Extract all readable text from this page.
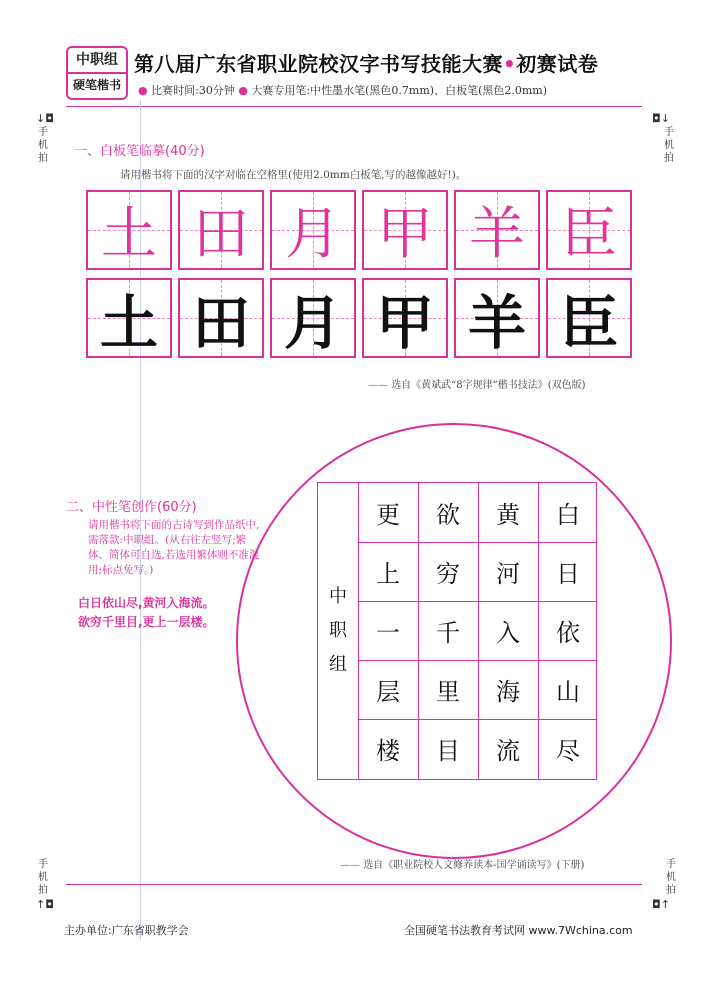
中职组
硬笔楷书
第八届广东省职业院校汉字书写技能大赛•初赛试卷
● 比赛时间:30分钟 ● 大赛专用笔:中性墨水笔(黑色0.7mm)、白板笔(黑色2.0mm)
↓◘
手
机
拍
◘↓
手
机
拍
手
机
拍
↑◘
手
机
拍
◘↑
一、白板笔临摹(40分)
请用楷书将下面的汉字对临在空格里(使用2.0mm白板笔,写的越像越好!)。
土 田 月 甲 羊 臣
土 田 月 甲 羊 臣
—— 选自《黄斌武“8字规律”楷书技法》(双色版)
二、中性笔创作(60分)
请用楷书将下面的古诗写到作品纸中,需落款:中职组。(从右往左竖写;繁体、简体可自选,若选用繁体则不准混用;标点免写。)
白日依山尽,黄河入海流。
欲穷千里目,更上一层楼。
中
职
组
更
上
一
层
楼
欲
穷
千
里
目
黄
河
入
海
流
白
日
依
山
尽
—— 选自《职业院校人文修养读本-国学诵读写》(下册)
主办单位:广东省职教学会	全国硬笔书法教育考试网 www.7Wchina.com
